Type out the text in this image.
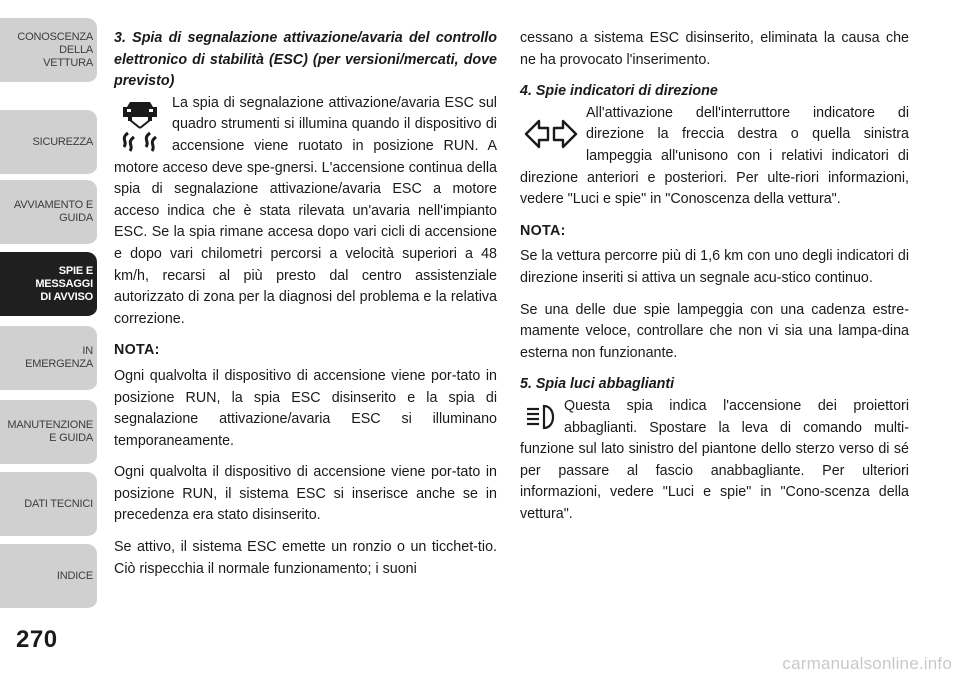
CONOSCENZA DELLA
VETTURA
SICUREZZA
AVVIAMENTO E
GUIDA
SPIE E
MESSAGGI
DI AVVISO
IN
EMERGENZA
MANUTENZIONE
E GUIDA
DATI TECNICI
INDICE
270

3. Spia di segnalazione attivazione/avaria del controllo elettronico di stabilità (ESC) (per versioni/mercati, dove previsto)

La spia di segnalazione attivazione/avaria ESC sul quadro strumenti si illumina quando il dispositivo di accensione viene ruotato in posizione RUN. A motore acceso deve spe-gnersi. L'accensione continua della spia di segnalazione attivazione/avaria ESC a motore acceso indica che è stata rilevata un'avaria nell'impianto ESC. Se la spia rimane accesa dopo vari cicli di accensione e dopo vari chilometri percorsi a velocità superiori a 48 km/h, recarsi al più presto dal centro assistenziale autorizzato di zona per la diagnosi del problema e la relativa correzione.

NOTA:

Ogni qualvolta il dispositivo di accensione viene por-tato in posizione RUN, la spia ESC disinserito e la spia di segnalazione attivazione/avaria ESC si illuminano temporaneamente.

Ogni qualvolta il dispositivo di accensione viene por-tato in posizione RUN, il sistema ESC si inserisce anche se in precedenza era stato disinserito.

Se attivo, il sistema ESC emette un ronzio o un ticchet-tio. Ciò rispecchia il normale funzionamento; i suoni

cessano a sistema ESC disinserito, eliminata la causa che ne ha provocato l'inserimento.

4. Spie indicatori di direzione

All'attivazione dell'interruttore indicatore di direzione la freccia destra o quella sinistra lampeggia all'unisono con i relativi indicatori di direzione anteriori e posteriori. Per ulte-riori informazioni, vedere "Luci e spie" in "Conoscenza della vettura".

NOTA:

Se la vettura percorre più di 1,6 km con uno degli indicatori di direzione inseriti si attiva un segnale acu-stico continuo.

Se una delle due spie lampeggia con una cadenza estre-mamente veloce, controllare che non vi sia una lampa-dina esterna non funzionante.

5. Spia luci abbaglianti

Questa spia indica l'accensione dei proiettori abbaglianti. Spostare la leva di comando multi-funzione sul lato sinistro del piantone dello sterzo verso di sé per passare al fascio anabbagliante. Per ulteriori informazioni, vedere "Luci e spie" in "Cono-scenza della vettura".

carmanualsonline.info
